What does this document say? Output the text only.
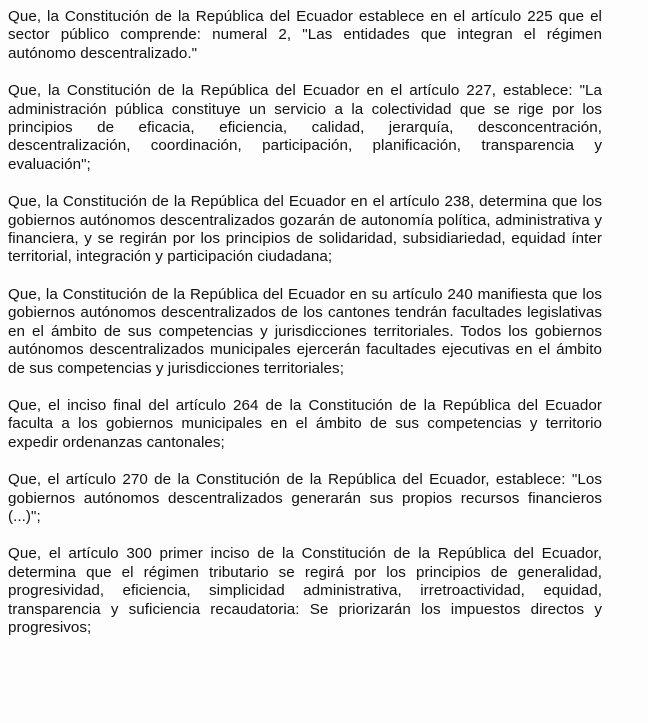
Que, la Constitución de la República del Ecuador establece en el artículo 225 que el sector público comprende: numeral 2, "Las entidades que integran el régimen autónomo descentralizado."

Que, la Constitución de la República del Ecuador en el artículo 227, establece: "La administración pública constituye un servicio a la colectividad que se rige por los principios de eficacia, eficiencia, calidad, jerarquía, desconcentración, descentralización, coordinación, participación, planificación, transparencia y evaluación";

Que, la Constitución de la República del Ecuador en el artículo 238, determina que los gobiernos autónomos descentralizados gozarán de autonomía política, administrativa y financiera, y se regirán por los principios de solidaridad, subsidiariedad, equidad ínter territorial, integración y participación ciudadana;

Que, la Constitución de la República del Ecuador en su artículo 240 manifiesta que los gobiernos autónomos descentralizados de los cantones tendrán facultades legislativas en el ámbito de sus competencias y jurisdicciones territoriales. Todos los gobiernos autónomos descentralizados municipales ejercerán facultades ejecutivas en el ámbito de sus competencias y jurisdicciones territoriales;

Que, el inciso final del artículo 264 de la Constitución de la República del Ecuador faculta a los gobiernos municipales en el ámbito de sus competencias y territorio expedir ordenanzas cantonales;

Que, el artículo 270 de la Constitución de la República del Ecuador, establece: "Los gobiernos autónomos descentralizados generarán sus propios recursos financieros (...)";

Que, el artículo 300 primer inciso de la Constitución de la República del Ecuador, determina que el régimen tributario se regirá por los principios de generalidad, progresividad, eficiencia, simplicidad administrativa, irretroactividad, equidad, transparencia y suficiencia recaudatoria: Se priorizarán los impuestos directos y progresivos;
